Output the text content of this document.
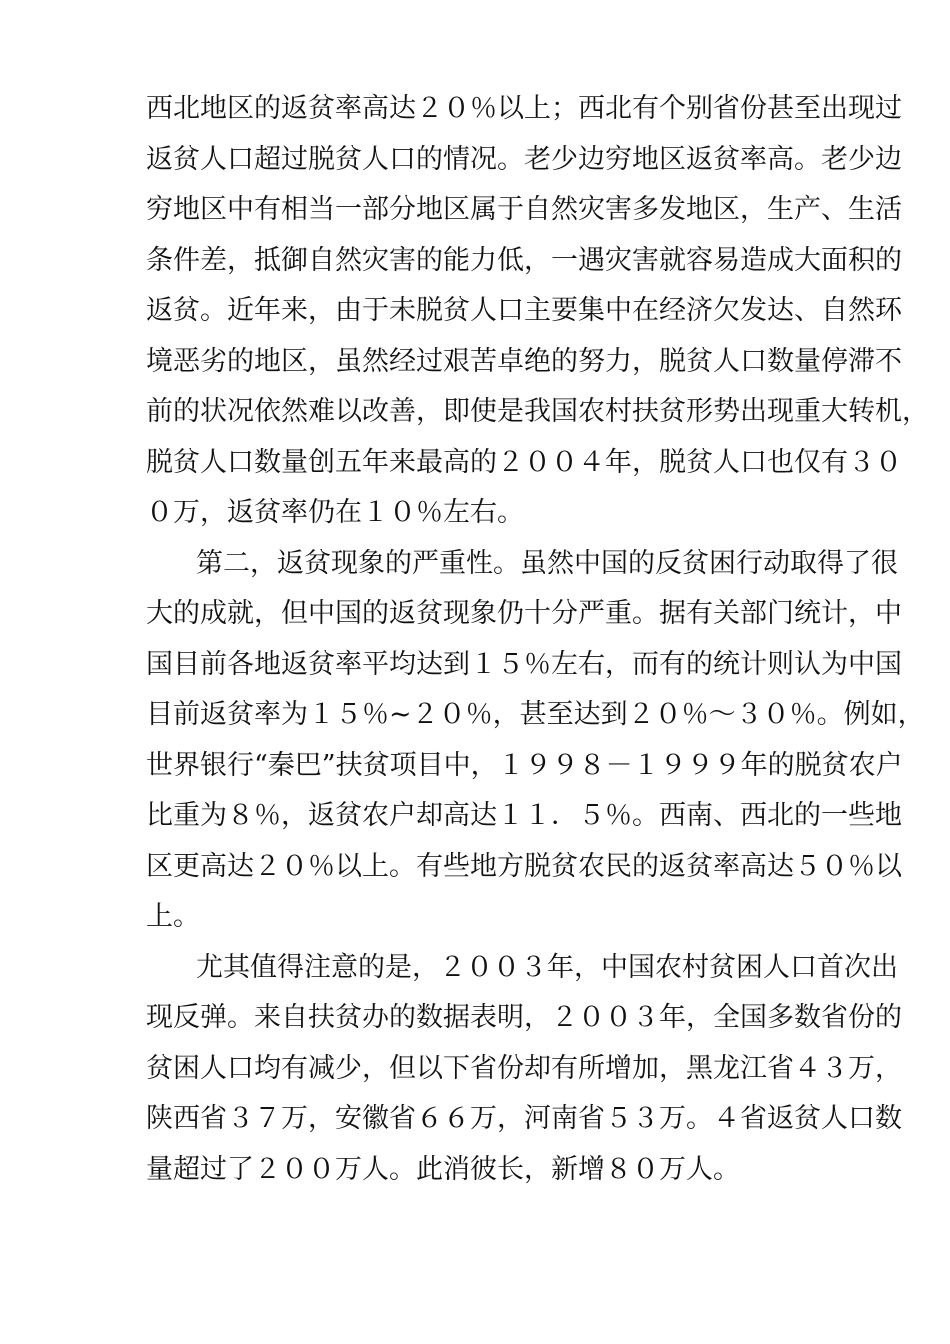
西北地区的返贫率高达２０％以上；西北有个别省份甚至出现过
返贫人口超过脱贫人口的情况。老少边穷地区返贫率高。老少边
穷地区中有相当一部分地区属于自然灾害多发地区，生产、生活
条件差，抵御自然灾害的能力低，一遇灾害就容易造成大面积的
返贫。近年来，由于未脱贫人口主要集中在经济欠发达、自然环
境恶劣的地区，虽然经过艰苦卓绝的努力，脱贫人口数量停滞不
前的状况依然难以改善，即使是我国农村扶贫形势出现重大转机，
脱贫人口数量创五年来最高的２００４年，脱贫人口也仅有３０
０万，返贫率仍在１０％左右。
第二，返贫现象的严重性。虽然中国的反贫困行动取得了很
大的成就，但中国的返贫现象仍十分严重。据有关部门统计，中
国目前各地返贫率平均达到１５％左右，而有的统计则认为中国
目前返贫率为１５％~２０％，甚至达到２０％～３０％。例如，
世界银行“秦巴”扶贫项目中，１９９８－１９９９年的脱贫农户
比重为８％，返贫农户却高达１１．５％。西南、西北的一些地
区更高达２０％以上。有些地方脱贫农民的返贫率高达５０％以
上。
尤其值得注意的是，２００３年，中国农村贫困人口首次出
现反弹。来自扶贫办的数据表明，２００３年，全国多数省份的
贫困人口均有减少，但以下省份却有所增加，黑龙江省４３万，
陕西省３７万，安徽省６６万，河南省５３万。４省返贫人口数
量超过了２００万人。此消彼长，新增８０万人。
